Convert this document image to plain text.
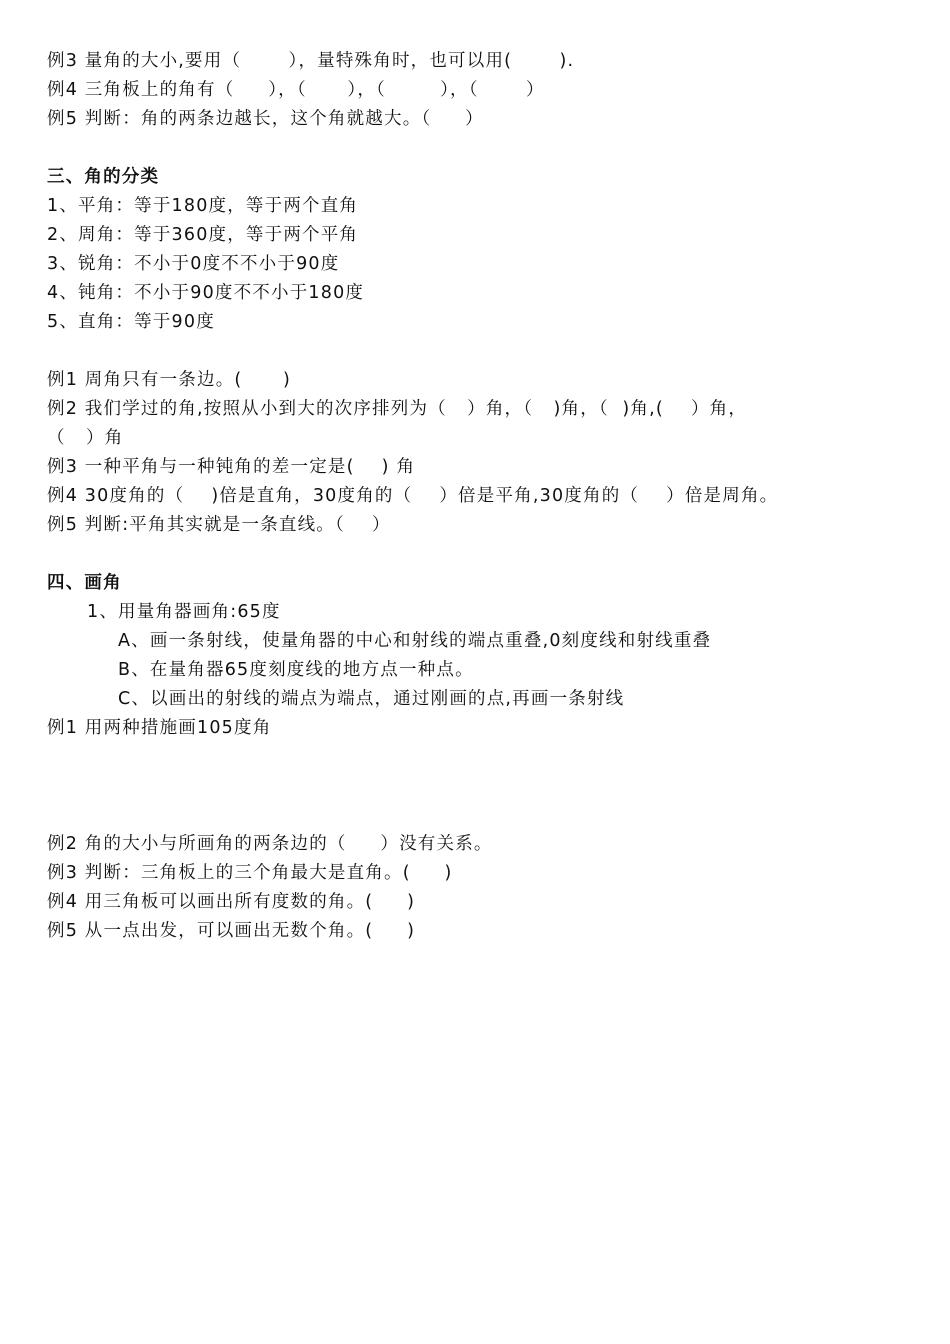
例3 量角的大小,要用（       ），量特殊角时，也可以用(       ).
例4 三角板上的角有（     ），（      ），（        ），（       ）
例5 判断：角的两条边越长，这个角就越大。（     ）
三、角的分类
1、平角：等于180度，等于两个直角
2、周角：等于360度，等于两个平角
3、锐角：不小于0度不不小于90度
4、钝角：不小于90度不不小于180度
5、直角：等于90度
例1 周角只有一条边。(      )
例2 我们学过的角,按照从小到大的次序排列为（   ）角，（   )角，（  )角,(    ）角，
（   ）角
例3 一种平角与一种钝角的差一定是(    ) 角
例4 30度角的（    )倍是直角，30度角的（    ）倍是平角,30度角的（    ）倍是周角。
例5 判断:平角其实就是一条直线。（    ）
四、画角
1、用量角器画角:65度
A、画一条射线，使量角器的中心和射线的端点重叠,0刻度线和射线重叠
B、在量角器65度刻度线的地方点一种点。
C、以画出的射线的端点为端点，通过刚画的点,再画一条射线
例1 用两种措施画105度角
例2 角的大小与所画角的两条边的（     ）没有关系。
例3 判断：三角板上的三个角最大是直角。(     )
例4 用三角板可以画出所有度数的角。(     )
例5 从一点出发，可以画出无数个角。(     )
